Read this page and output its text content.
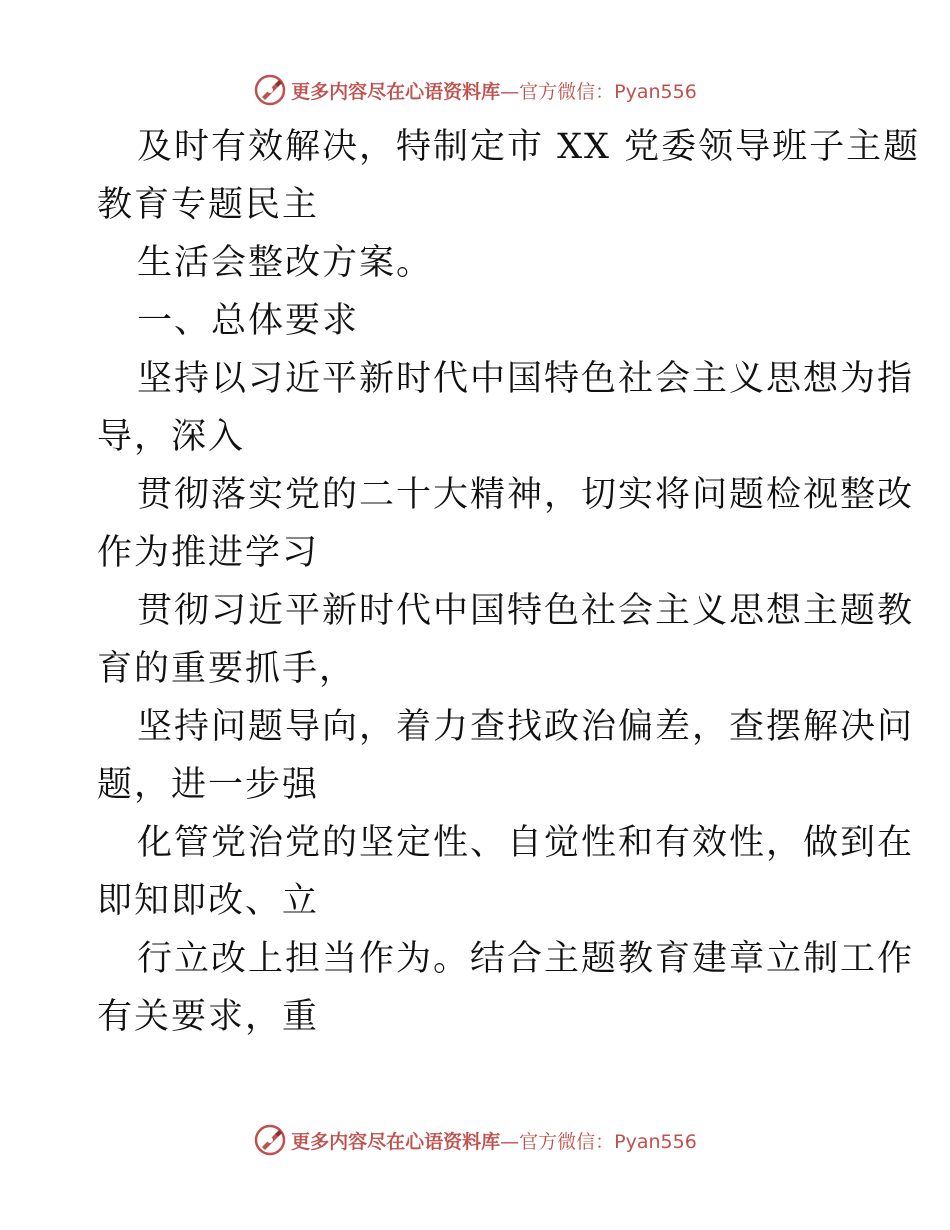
更多内容尽在心语资料库 —官方微信：Pyan556
及时有效解决，特制定市 XX 党委领导班子主题
教育专题民主
生活会整改方案。
一、总体要求
坚持以习近平新时代中国特色社会主义思想为指
导，深入
贯彻落实党的二十大精神，切实将问题检视整改
作为推进学习
贯彻习近平新时代中国特色社会主义思想主题教
育的重要抓手，
坚持问题导向，着力查找政治偏差，查摆解决问
题，进一步强
化管党治党的坚定性、自觉性和有效性，做到在
即知即改、立
行立改上担当作为。结合主题教育建章立制工作
有关要求，重
更多内容尽在心语资料库 —官方微信：Pyan556
